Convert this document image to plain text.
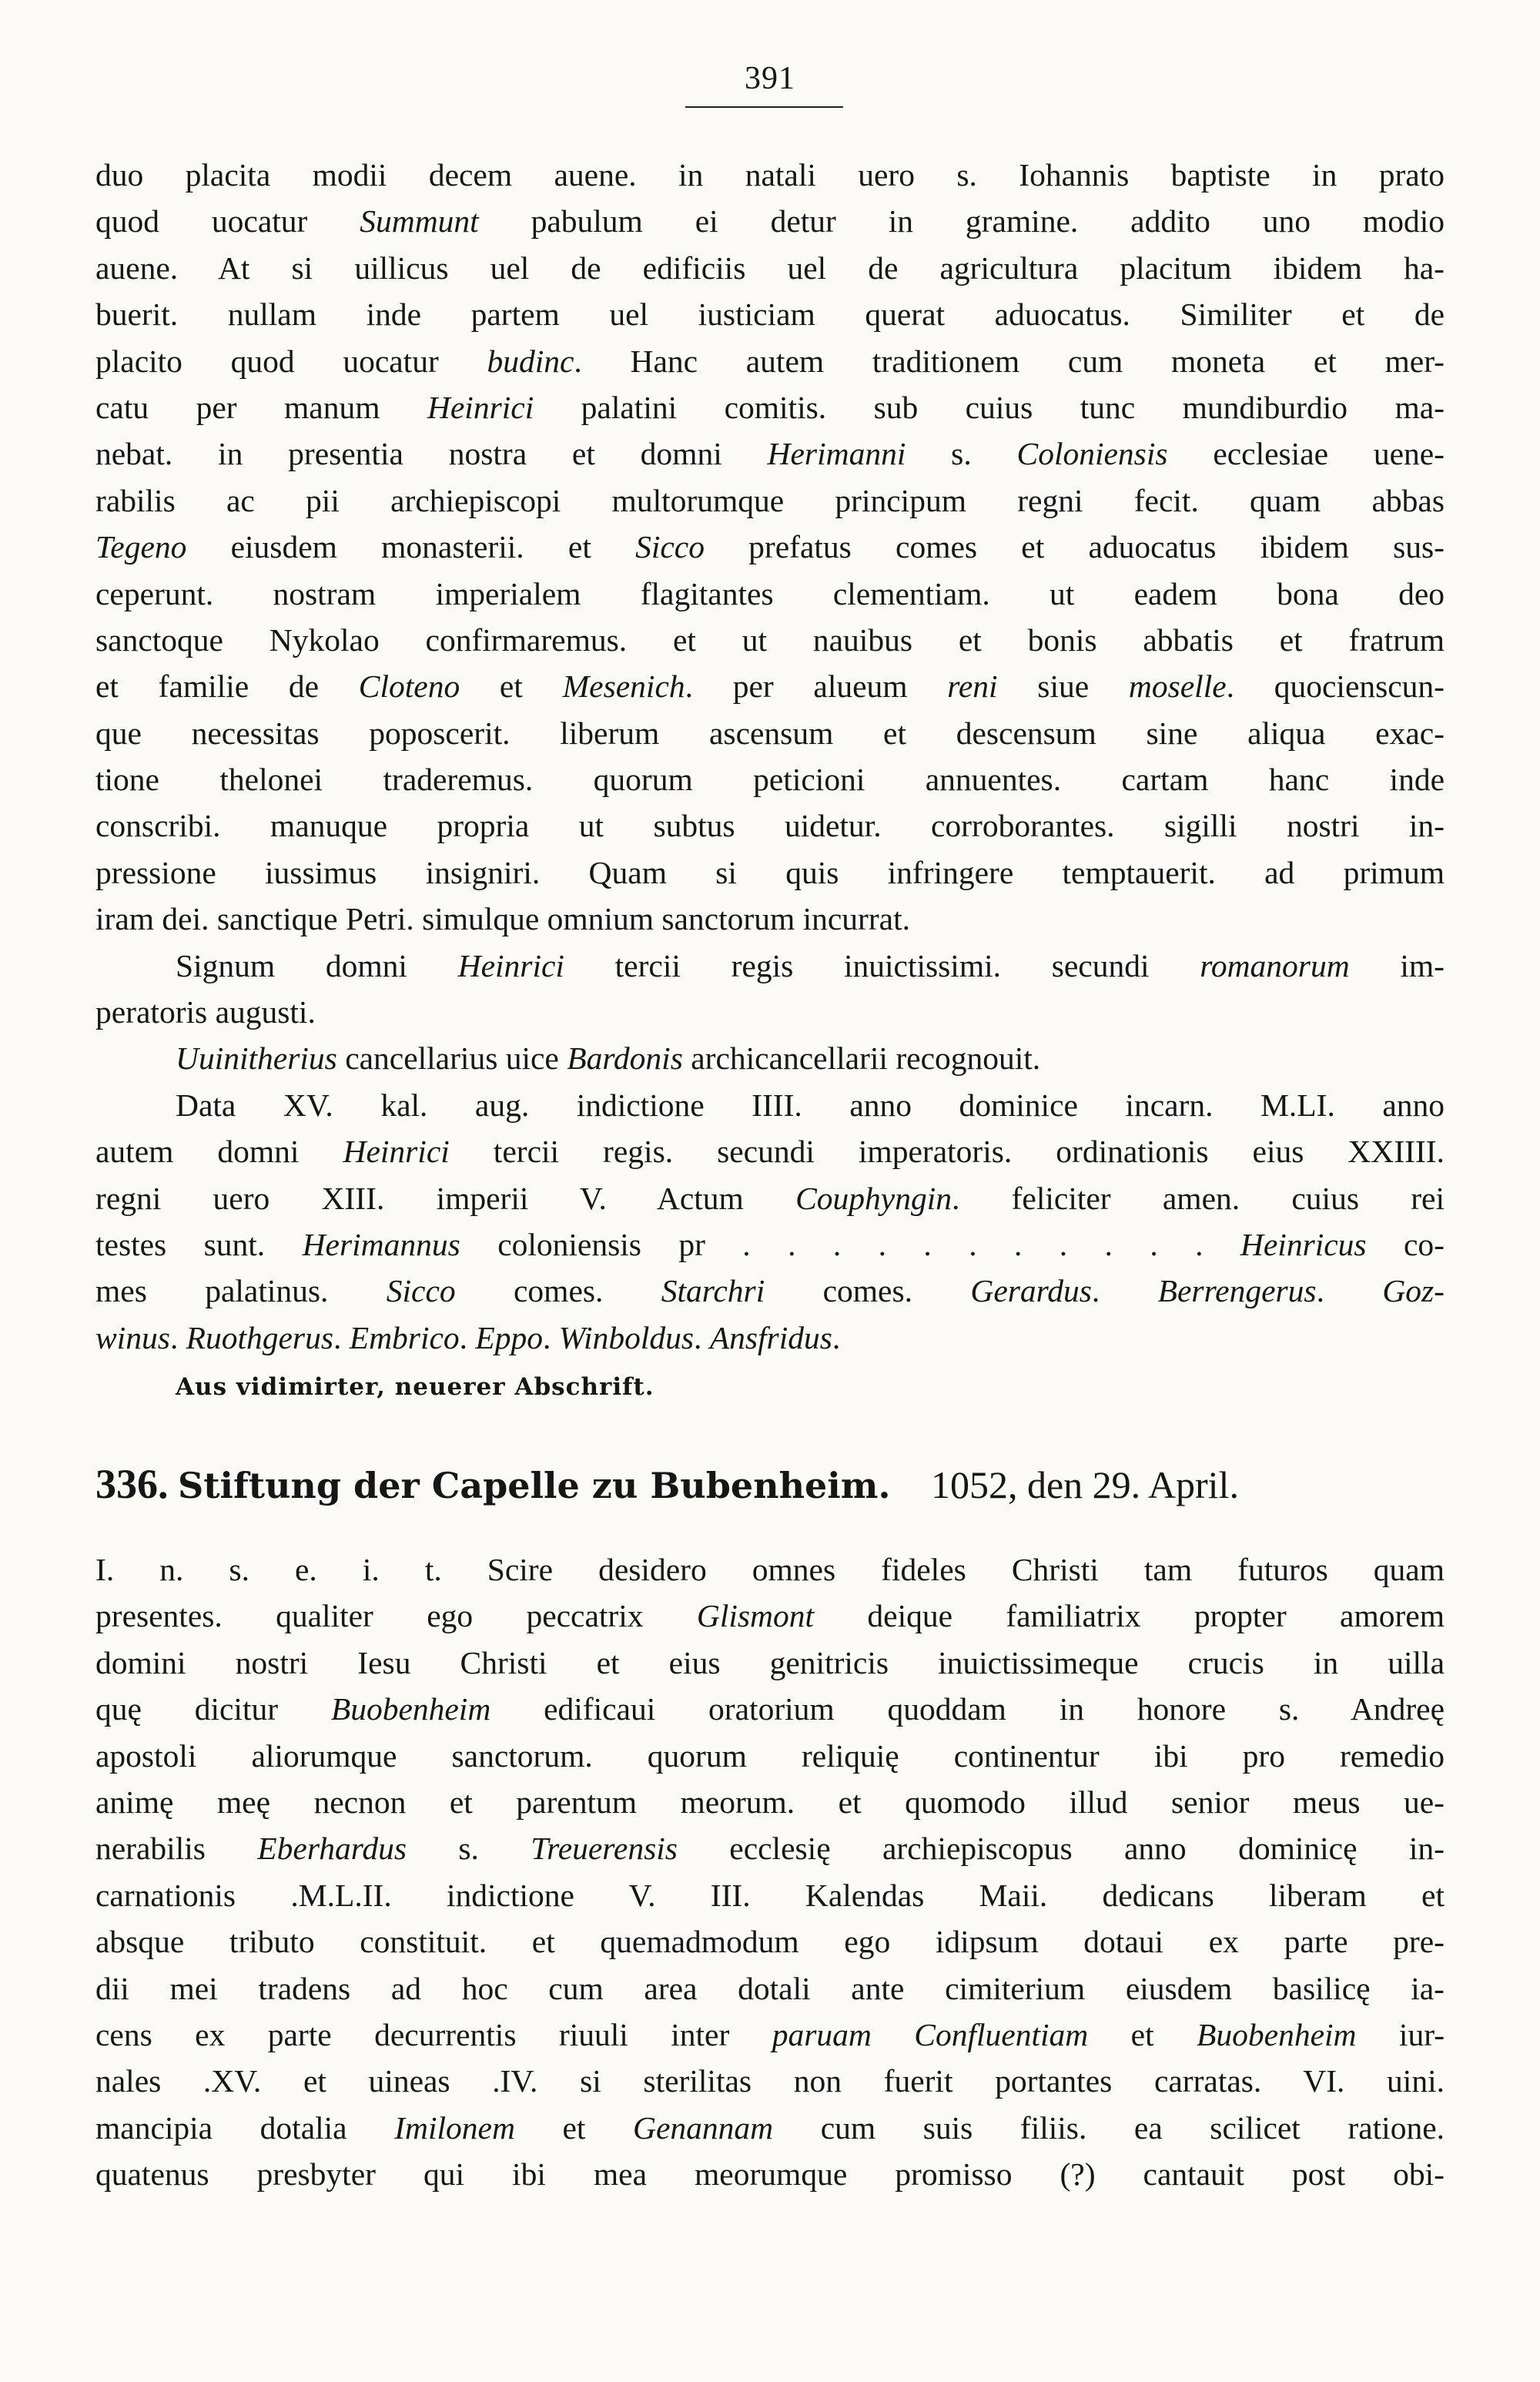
391
duo placita modii decem auene. in natali uero s. Iohannis baptiste in prato
quod uocatur Summunt pabulum ei detur in gramine. addito uno modio
auene. At si uillicus uel de edificiis uel de agricultura placitum ibidem ha-
buerit. nullam inde partem uel iusticiam querat aduocatus. Similiter et de
placito quod uocatur budinc. Hanc autem traditionem cum moneta et mer-
catu per manum Heinrici palatini comitis. sub cuius tunc mundiburdio ma-
nebat. in presentia nostra et domni Herimanni s. Coloniensis ecclesiae uene-
rabilis ac pii archiepiscopi multorumque principum regni fecit. quam abbas
Tegeno eiusdem monasterii. et Sicco prefatus comes et aduocatus ibidem sus-
ceperunt. nostram imperialem flagitantes clementiam. ut eadem bona deo
sanctoque Nykolao confirmaremus. et ut nauibus et bonis abbatis et fratrum
et familie de Cloteno et Mesenich. per alueum reni siue moselle. quocienscun-
que necessitas poposcerit. liberum ascensum et descensum sine aliqua exac-
tione thelonei traderemus. quorum peticioni annuentes. cartam hanc inde
conscribi. manuque propria ut subtus uidetur. corroborantes. sigilli nostri in-
pressione iussimus insigniri. Quam si quis infringere temptauerit. ad primum
iram dei. sanctique Petri. simulque omnium sanctorum incurrat.
Signum domni Heinrici tercii regis inuictissimi. secundi romanorum im-
peratoris augusti.
Uuinitherius cancellarius uice Bardonis archicancellarii recognouit.
Data XV. kal. aug. indictione IIII. anno dominice incarn. M.LI. anno
autem domni Heinrici tercii regis. secundi imperatoris. ordinationis eius XXIIII.
regni uero XIII. imperii V. Actum Couphyngin. feliciter amen. cuius rei
testes sunt. Herimannus coloniensis pr . . . . . . . . . . . Heinricus co-
mes palatinus. Sicco comes. Starchri comes. Gerardus. Berrengerus. Goz-
winus. Ruothgerus. Embrico. Eppo. Winboldus. Ansfridus.
Aus vidimirter, neuerer Abschrift.
336. Stiftung der Capelle zu Bubenheim. 1052, den 29. April.
I. n. s. e. i. t. Scire desidero omnes fideles Christi tam futuros quam
presentes. qualiter ego peccatrix Glismont deique familiatrix propter amorem
domini nostri Iesu Christi et eius genitricis inuictissimeque crucis in uilla
quę dicitur Buobenheim edificaui oratorium quoddam in honore s. Andreę
apostoli aliorumque sanctorum. quorum reliquię continentur ibi pro remedio
animę meę necnon et parentum meorum. et quomodo illud senior meus ue-
nerabilis Eberhardus s. Treuerensis ecclesię archiepiscopus anno dominicę in-
carnationis .M.L.II. indictione V. III. Kalendas Maii. dedicans liberam et
absque tributo constituit. et quemadmodum ego idipsum dotaui ex parte pre-
dii mei tradens ad hoc cum area dotali ante cimiterium eiusdem basilicę ia-
cens ex parte decurrentis riuuli inter paruam Confluentiam et Buobenheim iur-
nales .XV. et uineas .IV. si sterilitas non fuerit portantes carratas. VI. uini.
mancipia dotalia Imilonem et Genannam cum suis filiis. ea scilicet ratione.
quatenus presbyter qui ibi mea meorumque promisso (?) cantauit post obi-
